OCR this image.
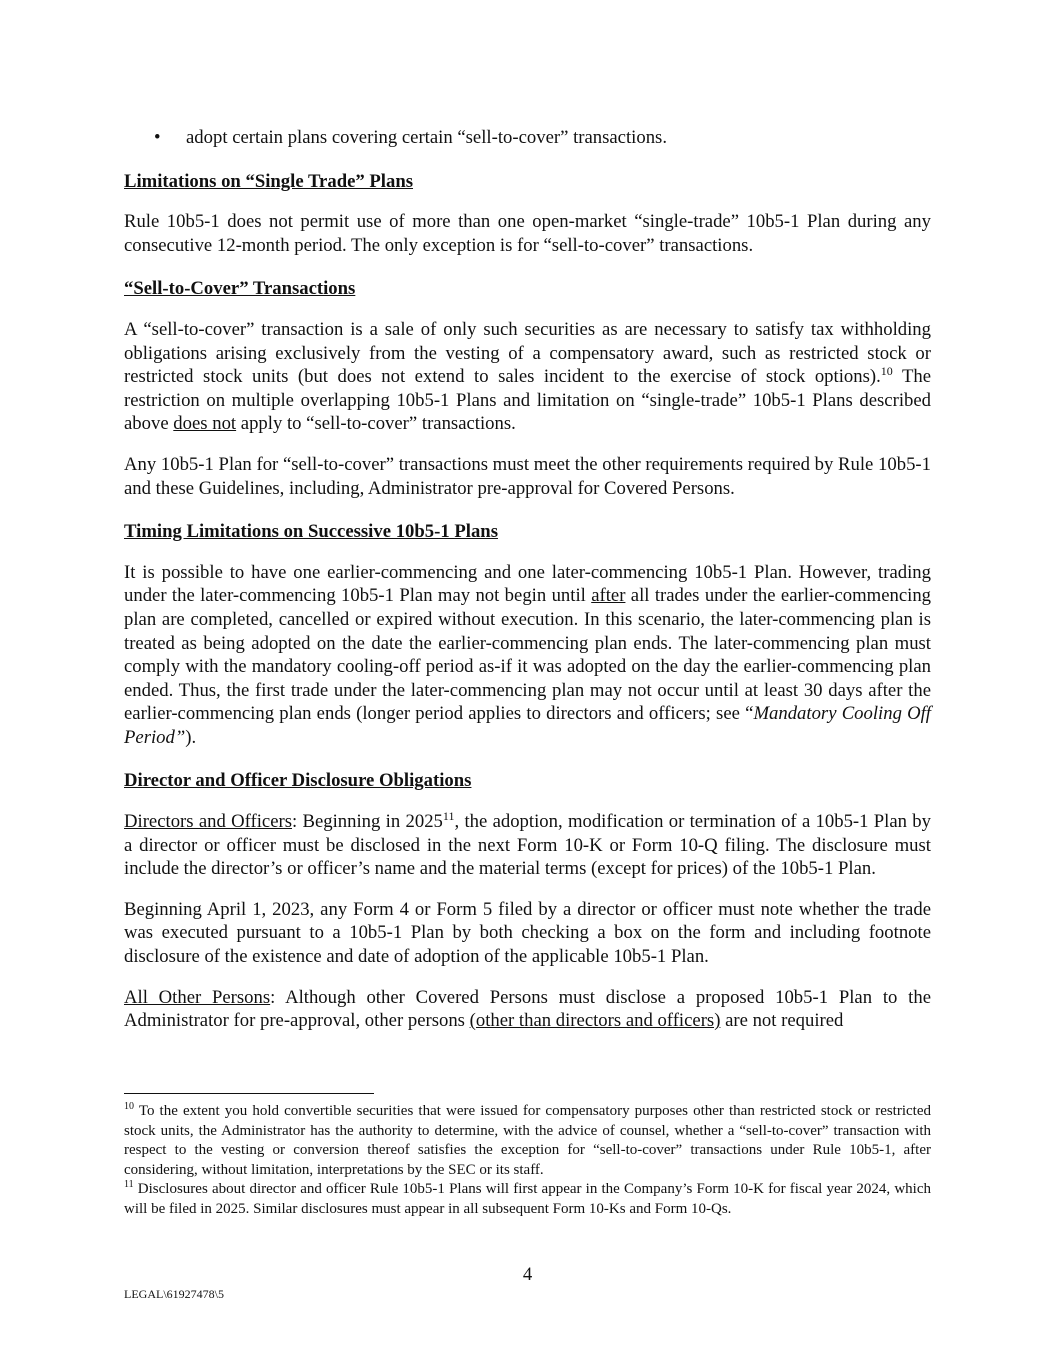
•	adopt certain plans covering certain “sell-to-cover” transactions.
Limitations on “Single Trade” Plans

Rule 10b5-1 does not permit use of more than one open-market “single-trade” 10b5-1 Plan during any consecutive 12-month period. The only exception is for “sell-to-cover” transactions.

“Sell-to-Cover” Transactions

A “sell-to-cover” transaction is a sale of only such securities as are necessary to satisfy tax withholding obligations arising exclusively from the vesting of a compensatory award, such as restricted stock or restricted stock units (but does not extend to sales incident to the exercise of stock options).$^{10}$ The restriction on multiple overlapping 10b5-1 Plans and limitation on “single-trade” 10b5-1 Plans described above does not apply to “sell-to-cover” transactions.

Any 10b5-1 Plan for “sell-to-cover” transactions must meet the other requirements required by Rule 10b5-1 and these Guidelines, including, Administrator pre-approval for Covered Persons.

Timing Limitations on Successive 10b5-1 Plans

It is possible to have one earlier-commencing and one later-commencing 10b5-1 Plan. However, trading under the later-commencing 10b5-1 Plan may not begin until after all trades under the earlier-commencing plan are completed, cancelled or expired without execution. In this scenario, the later-commencing plan is treated as being adopted on the date the earlier-commencing plan ends. The later-commencing plan must comply with the mandatory cooling-off period as-if it was adopted on the day the earlier-commencing plan ended. Thus, the first trade under the later-commencing plan may not occur until at least 30 days after the earlier-commencing plan ends (longer period applies to directors and officers; see “Mandatory Cooling Off Period”).

Director and Officer Disclosure Obligations

Directors and Officers: Beginning in 2025$^{11}$, the adoption, modification or termination of a 10b5-1 Plan by a director or officer must be disclosed in the next Form 10-K or Form 10-Q filing. The disclosure must include the director’s or officer’s name and the material terms (except for prices) of the 10b5-1 Plan.

Beginning April 1, 2023, any Form 4 or Form 5 filed by a director or officer must note whether the trade was executed pursuant to a 10b5-1 Plan by both checking a box on the form and including footnote disclosure of the existence and date of adoption of the applicable 10b5-1 Plan.

All Other Persons: Although other Covered Persons must disclose a proposed 10b5-1 Plan to the Administrator for pre-approval, other persons (other than directors and officers) are not required

$^{10}$ To the extent you hold convertible securities that were issued for compensatory purposes other than restricted stock or restricted stock units, the Administrator has the authority to determine, with the advice of counsel, whether a “sell-to-cover” transaction with respect to the vesting or conversion thereof satisfies the exception for “sell-to-cover” transactions under Rule 10b5-1, after considering, without limitation, interpretations by the SEC or its staff.

$^{11}$ Disclosures about director and officer Rule 10b5-1 Plans will first appear in the Company’s Form 10-K for fiscal year 2024, which will be filed in 2025. Similar disclosures must appear in all subsequent Form 10-Ks and Form 10-Qs.

4
LEGAL\61927478\5
